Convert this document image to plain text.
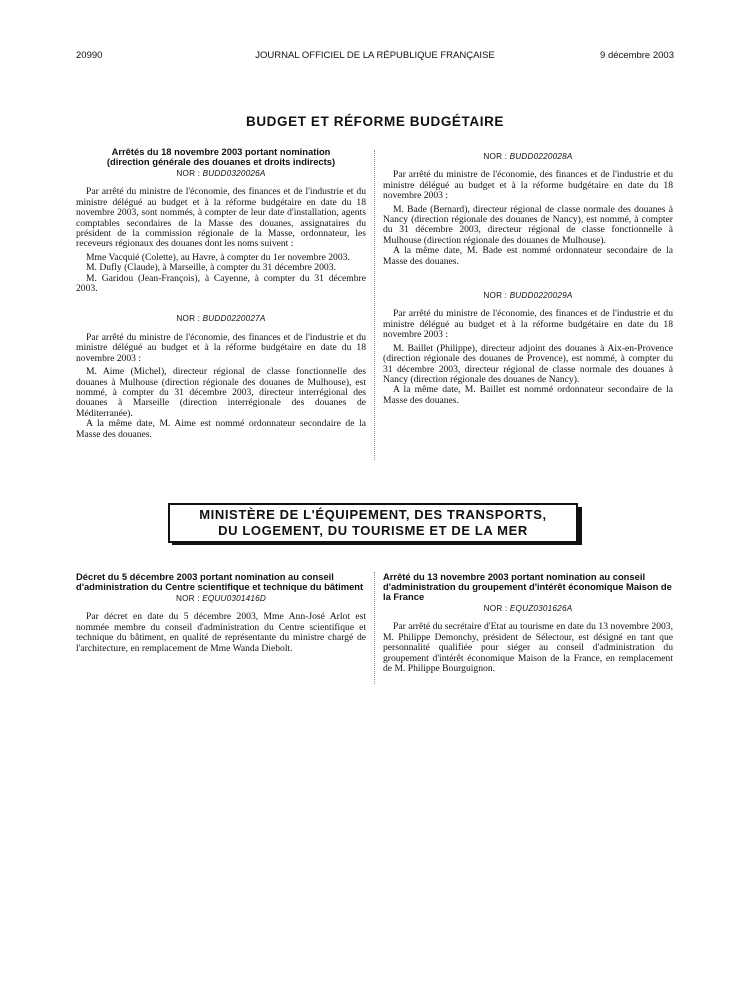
20990	JOURNAL OFFICIEL DE LA RÉPUBLIQUE FRANÇAISE	9 décembre 2003
BUDGET ET RÉFORME BUDGÉTAIRE
Arrêtés du 18 novembre 2003 portant nomination
(direction générale des douanes et droits indirects)
NOR : BUDD0320026A

Par arrêté du ministre de l'économie, des finances et de l'industrie et du ministre délégué au budget et à la réforme budgétaire en date du 18 novembre 2003, sont nommés, à compter de leur date d'installation, agents comptables secondaires de la Masse des douanes, assignataires du président de la commission régionale de la Masse, ordonnateur, les receveurs régionaux des douanes dont les noms suivent :

Mme Vacquié (Colette), au Havre, à compter du 1er novembre 2003.

M. Dufly (Claude), à Marseille, à compter du 31 décembre 2003.

M. Garidou (Jean-François), à Cayenne, à compter du 31 décembre 2003.

NOR : BUDD0220027A

Par arrêté du ministre de l'économie, des finances et de l'industrie et du ministre délégué au budget et à la réforme budgétaire en date du 18 novembre 2003 :

M. Aime (Michel), directeur régional de classe fonctionnelle des douanes à Mulhouse (direction régionale des douanes de Mulhouse), est nommé, à compter du 31 décembre 2003, directeur interrégional des douanes à Marseille (direction interrégionale des douanes de Méditerranée).

A la même date, M. Aime est nommé ordonnateur secondaire de la Masse des douanes.

NOR : BUDD0220028A

Par arrêté du ministre de l'économie, des finances et de l'industrie et du ministre délégué au budget et à la réforme budgétaire en date du 18 novembre 2003 :

M. Bade (Bernard), directeur régional de classe normale des douanes à Nancy (direction régionale des douanes de Nancy), est nommé, à compter du 31 décembre 2003, directeur régional de classe fonctionnelle à Mulhouse (direction régionale des douanes de Mulhouse).

A la même date, M. Bade est nommé ordonnateur secondaire de la Masse des douanes.

NOR : BUDD0220029A

Par arrêté du ministre de l'économie, des finances et de l'industrie et du ministre délégué au budget et à la réforme budgétaire en date du 18 novembre 2003 :

M. Baillet (Philippe), directeur adjoint des douanes à Aix-en-Provence (direction régionale des douanes de Provence), est nommé, à compter du 31 décembre 2003, directeur régional de classe normale des douanes à Nancy (direction régionale des douanes de Nancy).

A la même date, M. Baillet est nommé ordonnateur secondaire de la Masse des douanes.

MINISTÈRE DE L'ÉQUIPEMENT, DES TRANSPORTS,
DU LOGEMENT, DU TOURISME ET DE LA MER
Décret du 5 décembre 2003 portant nomination au conseil d'administration du Centre scientifique et technique du bâtiment
NOR : EQUU0301416D

Par décret en date du 5 décembre 2003, Mme Ann-José Arlot est nommée membre du conseil d'administration du Centre scientifique et technique du bâtiment, en qualité de représentante du ministre chargé de l'architecture, en remplacement de Mme Wanda Diebolt.

Arrêté du 13 novembre 2003 portant nomination au conseil d'administration du groupement d'intérêt économique Maison de la France
NOR : EQUZ0301626A

Par arrêté du secrétaire d'Etat au tourisme en date du 13 novembre 2003, M. Philippe Demonchy, président de Sélectour, est désigné en tant que personnalité qualifiée pour siéger au conseil d'administration du groupement d'intérêt économique Maison de la France, en remplacement de M. Philippe Bourguignon.
